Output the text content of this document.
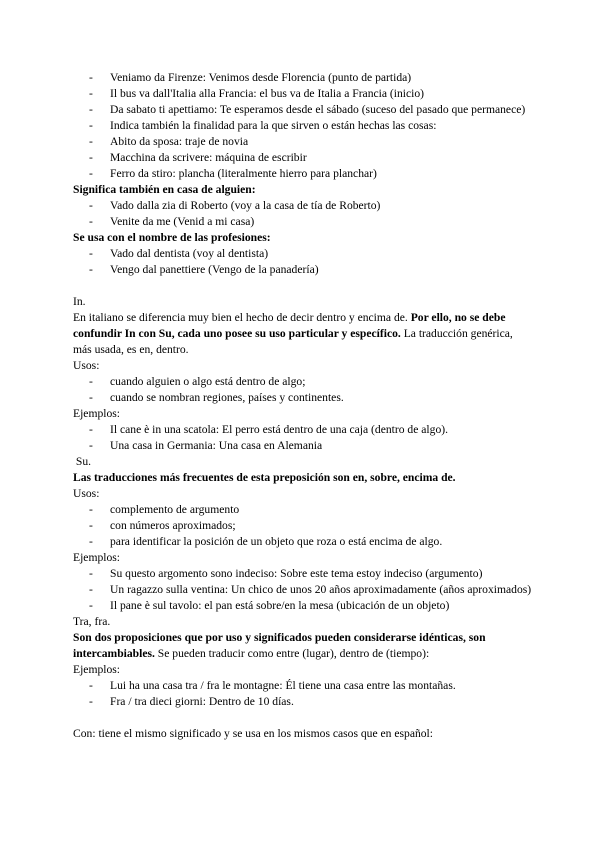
- Veniamo da Firenze: Venimos desde Florencia (punto de partida)
- Il bus va dall'Italia alla Francia: el bus va de Italia a Francia (inicio)
- Da sabato ti apettiamo: Te esperamos desde el sábado (suceso del pasado que permanece)
- Indica también la finalidad para la que sirven o están hechas las cosas:
- Abito da sposa: traje de novia
- Macchina da scrivere: máquina de escribir
- Ferro da stiro: plancha (literalmente hierro para planchar)

Significa también en casa de alguien:

- Vado dalla zia di Roberto (voy a la casa de tía de Roberto)
- Venite da me (Venid a mi casa)

Se usa con el nombre de las profesiones:

- Vado dal dentista (voy al dentista)
- Vengo dal panettiere (Vengo de la panadería)

In.

En italiano se diferencia muy bien el hecho de decir dentro y encima de. Por ello, no se debe confundir In con Su, cada uno posee su uso particular y específico. La traducción genérica, más usada, es en, dentro.

Usos:

- cuando alguien o algo está dentro de algo;
- cuando se nombran regiones, países y continentes.

Ejemplos:

- Il cane è in una scatola: El perro está dentro de una caja (dentro de algo).
- Una casa in Germania: Una casa en Alemania

Su.

Las traducciones más frecuentes de esta preposición son en, sobre, encima de.

Usos:

- complemento de argumento
- con números aproximados;
- para identificar la posición de un objeto que roza o está encima de algo.

Ejemplos:

- Su questo argomento sono indeciso: Sobre este tema estoy indeciso (argumento)
- Un ragazzo sulla ventina: Un chico de unos 20 años aproximadamente (años aproximados)
- Il pane è sul tavolo: el pan está sobre/en la mesa (ubicación de un objeto)

Tra, fra.

Son dos proposiciones que por uso y significados pueden considerarse idénticas, son intercambiables. Se pueden traducir como entre (lugar), dentro de (tiempo):

Ejemplos:

- Lui ha una casa tra / fra le montagne: Él tiene una casa entre las montañas.
- Fra / tra dieci giorni: Dentro de 10 días.

Con: tiene el mismo significado y se usa en los mismos casos que en español:
